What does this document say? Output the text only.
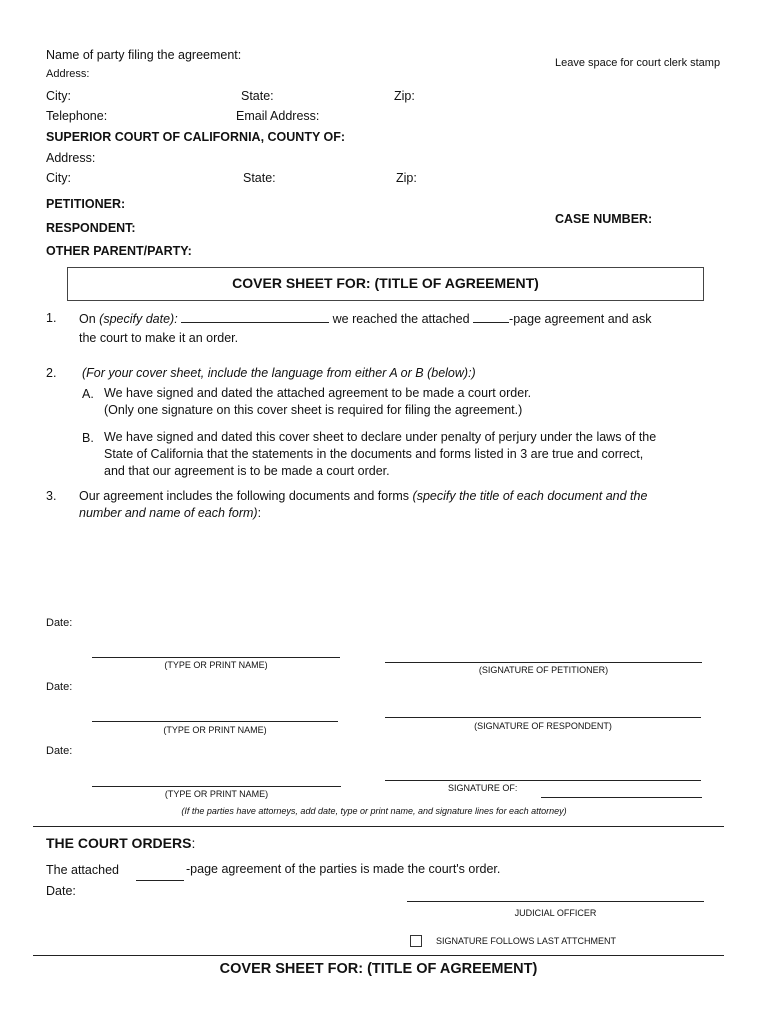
Name of party filing the agreement:
Leave space for court clerk stamp
Address:
City:	State:	Zip:
Telephone:	Email Address:
SUPERIOR COURT OF CALIFORNIA, COUNTY OF:
Address:
City:	State:	Zip:
PETITIONER:
CASE NUMBER:
RESPONDENT:
OTHER PARENT/PARTY:
COVER SHEET FOR: (TITLE OF AGREEMENT)
1. On (specify date):	we reached the attached	-page agreement and ask
the court to make it an order.
2. (For your cover sheet, include the language from either A or B (below):)
A. We have signed and dated the attached agreement to be made a court order.
(Only one signature on this cover sheet is required for filing the agreement.)
B. We have signed and dated this cover sheet to declare under penalty of perjury under the laws of the
State of California that the statements in the documents and forms listed in 3 are true and correct,
and that our agreement is to be made a court order.
3. Our agreement includes the following documents and forms (specify the title of each document and the
number and name of each form):
Date:
(TYPE OR PRINT NAME)	(SIGNATURE OF PETITIONER)
Date:
(TYPE OR PRINT NAME)	(SIGNATURE OF RESPONDENT)
Date:
(TYPE OR PRINT NAME)
SIGNATURE OF:
(If the parties have attorneys, add date, type or print name, and signature lines for each attorney)
THE COURT ORDERS:
The attached	-page agreement of the parties is made the court's order.
Date:
JUDICIAL OFFICER
SIGNATURE FOLLOWS LAST ATTCHMENT
COVER SHEET FOR: (TITLE OF AGREEMENT)
